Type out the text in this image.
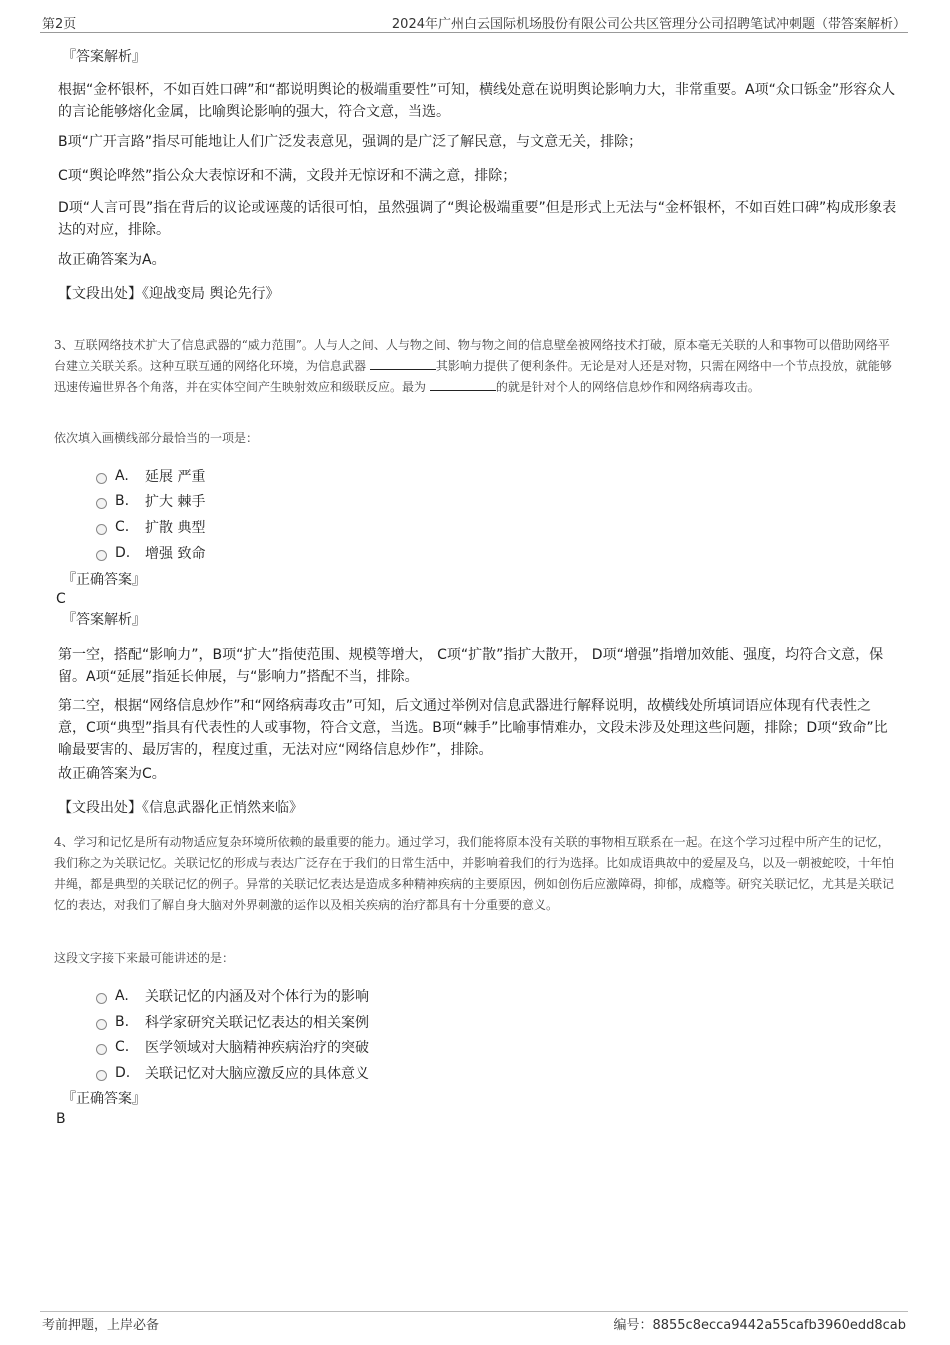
第2页	2024年广州白云国际机场股份有限公司公共区管理分公司招聘笔试冲刺题（带答案解析）
『答案解析』
根据“金杯银杯，不如百姓口碑”和“都说明舆论的极端重要性”可知，横线处意在说明舆论影响力大，非常重要。A项“众口铄金”形容众人的言论能够熔化金属，比喻舆论影响的强大，符合文意，当选。
B项“广开言路”指尽可能地让人们广泛发表意见，强调的是广泛了解民意，与文意无关，排除；
C项“舆论哗然”指公众大表惊讶和不满，文段并无惊讶和不满之意，排除；
D项“人言可畏”指在背后的议论或诬蔑的话很可怕，虽然强调了“舆论极端重要”但是形式上无法与“金杯银杯，不如百姓口碑”构成形象表达的对应，排除。
故正确答案为A。
【文段出处】《迎战变局 舆论先行》
3、互联网络技术扩大了信息武器的“威力范围”。人与人之间、人与物之间、物与物之间的信息壁垒被网络技术打破，原本毫无关联的人和事物可以借助网络平台建立关联关系。这种互联互通的网络化环境，为信息武器	其影响力提供了便利条件。无论是对人还是对物，只需在网络中一个节点投放，就能够迅速传遍世界各个角落，并在实体空间产生映射效应和级联反应。最为	的就是针对个人的网络信息炒作和网络病毒攻击。
依次填入画横线部分最恰当的一项是：
A.	延展 严重
B.	扩大 棘手
C.	扩散 典型
D.	增强 致命
『正确答案』
C
『答案解析』
第一空，搭配“影响力”，B项“扩大”指使范围、规模等增大， C项“扩散”指扩大散开， D项“增强”指增加效能、强度，均符合文意，保留。A项“延展”指延长伸展，与“影响力”搭配不当，排除。
第二空，根据“网络信息炒作”和“网络病毒攻击”可知，后文通过举例对信息武器进行解释说明，故横线处所填词语应体现有代表性之意，C项“典型”指具有代表性的人或事物，符合文意，当选。B项“棘手”比喻事情难办，文段未涉及处理这些问题，排除；D项“致命”比喻最要害的、最厉害的，程度过重，无法对应“网络信息炒作”，排除。
故正确答案为C。
【文段出处】《信息武器化正悄然来临》
4、学习和记忆是所有动物适应复杂环境所依赖的最重要的能力。通过学习，我们能将原本没有关联的事物相互联系在一起。在这个学习过程中所产生的记忆，我们称之为关联记忆。关联记忆的形成与表达广泛存在于我们的日常生活中，并影响着我们的行为选择。比如成语典故中的爱屋及乌，以及一朝被蛇咬，十年怕井绳，都是典型的关联记忆的例子。异常的关联记忆表达是造成多种精神疾病的主要原因，例如创伤后应激障碍，抑郁，成瘾等。研究关联记忆，尤其是关联记忆的表达，对我们了解自身大脑对外界刺激的运作以及相关疾病的治疗都具有十分重要的意义。
这段文字接下来最可能讲述的是：
A.	关联记忆的内涵及对个体行为的影响
B.	科学家研究关联记忆表达的相关案例
C.	医学领域对大脑精神疾病治疗的突破
D.	关联记忆对大脑应激反应的具体意义
『正确答案』
B
考前押题，上岸必备	编号：8855c8ecca9442a55cafb3960edd8cab
